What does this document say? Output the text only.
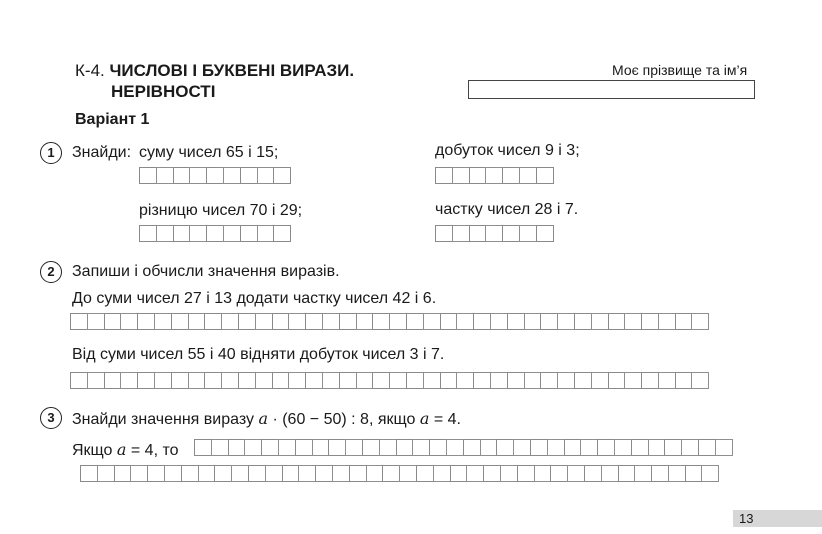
К-4. ЧИСЛОВІ І БУКВЕНІ ВИРАЗИ.
НЕРІВНОСТІ
Моє прізвище та ім’я
Варіант 1
1	Знайди: суму чисел 65 і 15;	добуток чисел 9 і 3;
різницю чисел 70 і 29;	частку чисел 28 і 7.
2	Запиши і обчисли значення виразів.
До суми чисел 27 і 13 додати частку чисел 42 і 6.
Від суми чисел 55 і 40 відняти добуток чисел 3 і 7.
3	Знайди значення виразу a · (60 − 50) : 8, якщо a = 4.
Якщо a = 4, то
13
